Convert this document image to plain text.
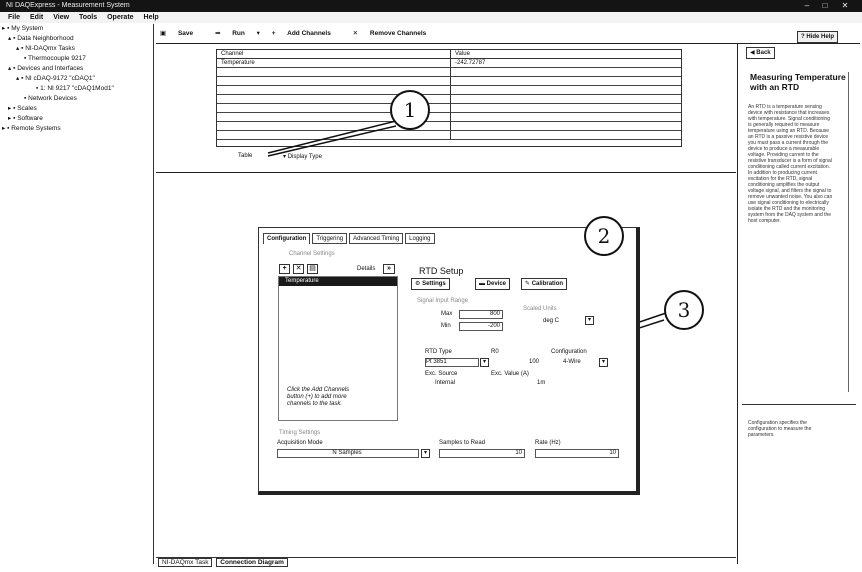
NI DAQExpress - Measurement System	–	□	✕
File Edit View Tools Operate Help
▸ ▪ My System
▴ ▪ Data Neighborhood
▴ ▪ NI-DAQmx Tasks
▪ Thermocouple 9217
▴ ▪ Devices and Interfaces
▴ ▪ NI cDAQ-9172 "cDAQ1"
▪ 1: NI 9217 "cDAQ1Mod1"
▪ Network Devices
▸ ▪ Scales
▸ ▪ Software
▸ ▪ Remote Systems
▣ Save	⇛ Run ▾ + Add Channels	✕ Remove Channels	? Hide Help
Channel	Value
Temperature	-242.72787
Table	▾ Display Type
Configuration	Triggering	Advanced Timing	Logging
Channel Settings
+	✕	▤	Details	»
Temperature
Click the Add Channels button (+) to add more channels to the task.
RTD Setup
⚙ Settings	▬ Device	✎ Calibration
Signal Input Range
Max	800
Min	-200
Scaled Units
deg C	▾
RTD Type
Pt 3851	▾
R0
100
Configuration
4-Wire	▾
Exc. Source
Internal
Exc. Value (A)
1m
Timing Settings
Acquisition Mode
N Samples	▾
Samples to Read
10
Rate (Hz)
10
1
2
3
◀ Back
Measuring Temperature with an RTD
An RTD is a temperature sensing device with resistance that increases with temperature. Signal conditioning is generally required to measure temperature using an RTD. Because an RTD is a passive resistive device you must pass a current through the device to produce a measurable voltage. Providing current to the resistive transducer is a form of signal conditioning called current excitation. In addition to producing current excitation for the RTD, signal conditioning amplifies the output voltage signal, and filters the signal to remove unwanted noise. You also can use signal conditioning to electrically isolate the RTD and the monitoring system from the DAQ system and the host computer.
Configuration specifies the configuration to measure the parameters.
NI-DAQmx Task Connection Diagram
